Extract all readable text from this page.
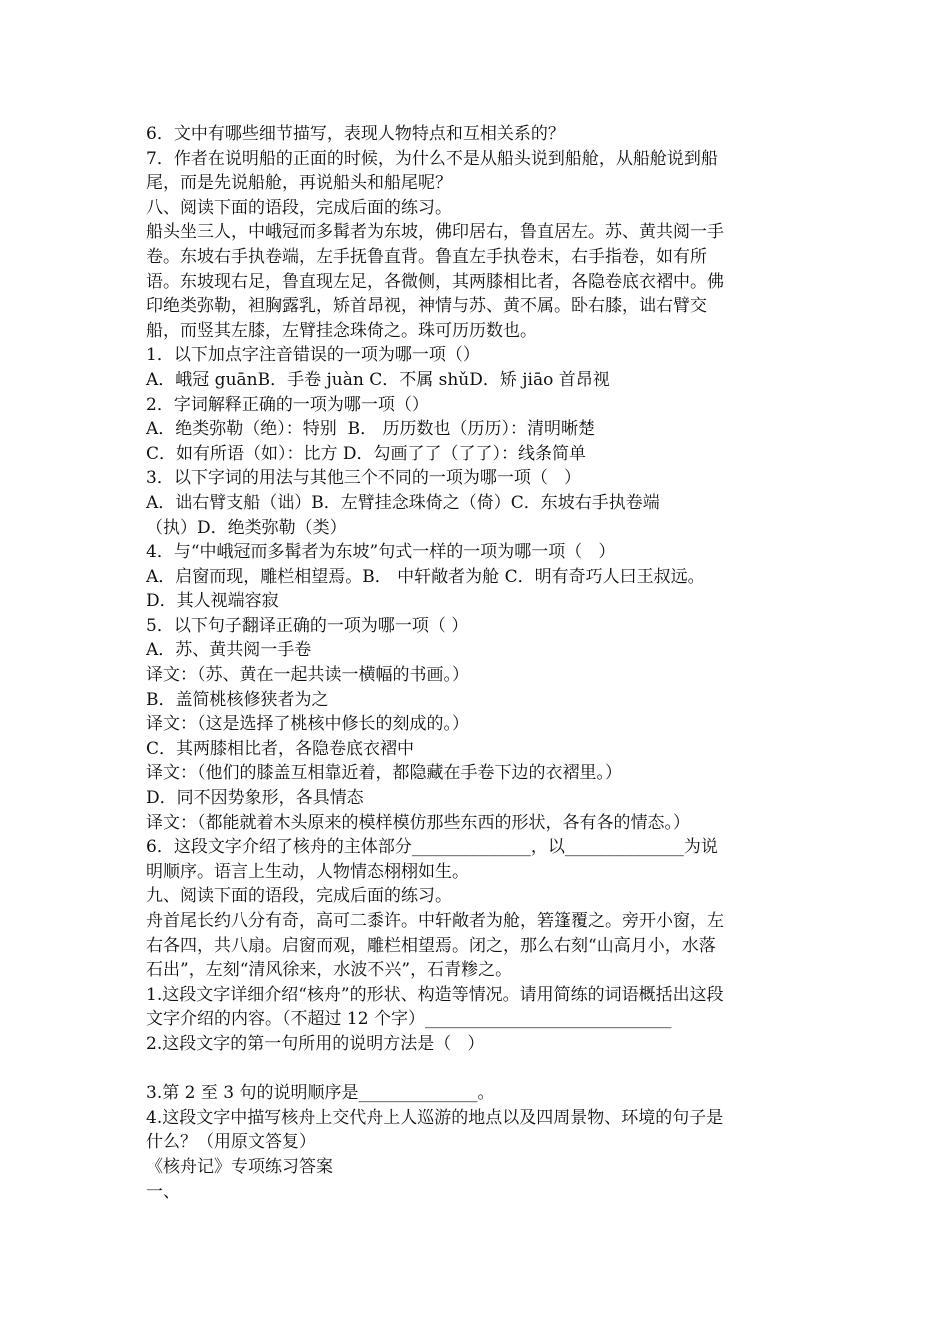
6．文中有哪些细节描写，表现人物特点和互相关系的？
7．作者在说明船的正面的时候，为什么不是从船头说到船舱，从船舱说到船
尾，而是先说船舱，再说船头和船尾呢？
八、阅读下面的语段，完成后面的练习。
船头坐三人，中峨冠而多髯者为东坡，佛印居右，鲁直居左。苏、黄共阅一手
卷。东坡右手执卷端，左手抚鲁直背。鲁直左手执卷末，右手指卷，如有所
语。东坡现右足，鲁直现左足，各微侧，其两膝相比者，各隐卷底衣褶中。佛
印绝类弥勒，袒胸露乳，矫首昂视，神情与苏、黄不属。卧右膝，诎右臂交
船，而竖其左膝，左臂挂念珠倚之。珠可历历数也。
1．以下加点字注音错误的一项为哪一项（）
A．峨冠 guānB．手卷 juàn C．不属 shǔD．矫 jiāo 首昂视
2．字词解释正确的一项为哪一项（）
A．绝类弥勒（绝）：特别  B． 历历数也（历历）：清明晰楚
C．如有所语（如）：比方 D．勾画了了（了了）：线条简单
3．以下字词的用法与其他三个不同的一项为哪一项（   ）
A．诎右臂支船（诎）B．左臂挂念珠倚之（倚）C．东坡右手执卷端
（执）D．绝类弥勒（类）
4．与“中峨冠而多髯者为东坡”句式一样的一项为哪一项（   ）
A．启窗而现，雕栏相望焉。B． 中轩敞者为舱 C．明有奇巧人曰王叔远。
D．其人视端容寂
5．以下句子翻译正确的一项为哪一项（ ）
A．苏、黄共阅一手卷
译文：（苏、黄在一起共读一横幅的书画。）
B．盖简桃核修狭者为之
译文：（这是选择了桃核中修长的刻成的。）
C．其两膝相比者，各隐卷底衣褶中
译文：（他们的膝盖互相靠近着，都隐藏在手卷下边的衣褶里。）
D．同不因势象形，各具情态
译文：（都能就着木头原来的模样模仿那些东西的形状，各有各的情态。）
6．这段文字介绍了核舟的主体部分______________，以______________为说
明顺序。语言上生动，人物情态栩栩如生。
九、阅读下面的语段，完成后面的练习。
舟首尾长约八分有奇，高可二黍许。中轩敞者为舱，箬篷覆之。旁开小窗，左
右各四，共八扇。启窗而观，雕栏相望焉。闭之，那么右刻“山高月小，水落
石出”，左刻“清风徐来，水波不兴”，石青糁之。
1.这段文字详细介绍“核舟”的形状、构造等情况。请用简练的词语概括出这段
文字介绍的内容。（不超过 12 个字）_____________________________
2.这段文字的第一句所用的说明方法是（   ）
3.第 2 至 3 句的说明顺序是______________。
4.这段文字中描写核舟上交代舟上人巡游的地点以及四周景物、环境的句子是
什么？（用原文答复）
《核舟记》专项练习答案
一、
